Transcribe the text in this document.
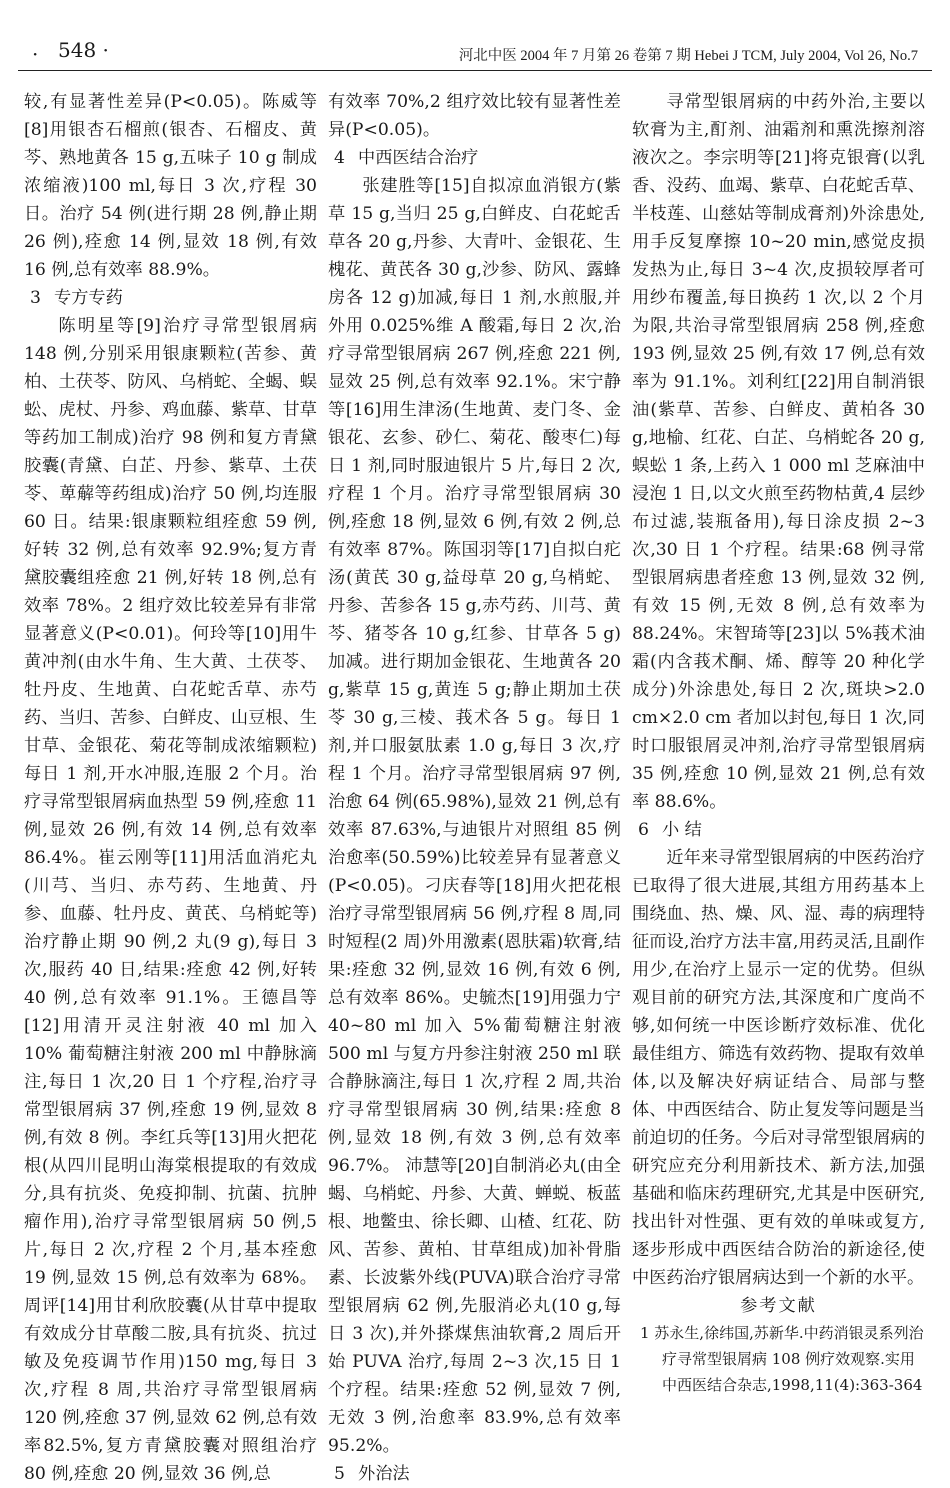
· 548 ·	河北中医 2004 年 7 月第 26 卷第 7 期 Hebei J TCM, July 2004, Vol 26, No.7

较,有显著性差异(P<0.05)。陈威等[8]用银杏石榴煎(银杏、石榴皮、黄芩、熟地黄各 15 g,五味子 10 g 制成浓缩液)100 ml,每日 3 次,疗程 30 日。治疗 54 例(进行期 28 例,静止期 26 例),痊愈 14 例,显效 18 例,有效 16 例,总有效率 88.9%。

3 专方专药

陈明星等[9]治疗寻常型银屑病 148 例,分别采用银康颗粒(苦参、黄柏、土茯苓、防风、乌梢蛇、全蝎、蜈蚣、虎杖、丹参、鸡血藤、紫草、甘草等药加工制成)治疗 98 例和复方青黛胶囊(青黛、白芷、丹参、紫草、土茯苓、萆薢等药组成)治疗 50 例,均连服 60 日。结果:银康颗粒组痊愈 59 例,好转 32 例,总有效率 92.9%;复方青黛胶囊组痊愈 21 例,好转 18 例,总有效率 78%。2 组疗效比较差异有非常显著意义(P<0.01)。何玲等[10]用牛黄冲剂(由水牛角、生大黄、土茯苓、牡丹皮、生地黄、白花蛇舌草、赤芍药、当归、苦参、白鲜皮、山豆根、生甘草、金银花、菊花等制成浓缩颗粒)每日 1 剂,开水冲服,连服 2 个月。治疗寻常型银屑病血热型 59 例,痊愈 11 例,显效 26 例,有效 14 例,总有效率 86.4%。崔云刚等[11]用活血消疕丸(川芎、当归、赤芍药、生地黄、丹参、血藤、牡丹皮、黄芪、乌梢蛇等)治疗静止期 90 例,2 丸(9 g),每日 3 次,服药 40 日,结果:痊愈 42 例,好转 40 例,总有效率 91.1%。王德昌等[12]用清开灵注射液 40 ml 加入 10% 葡萄糖注射液 200 ml 中静脉滴注,每日 1 次,20 日 1 个疗程,治疗寻常型银屑病 37 例,痊愈 19 例,显效 8 例,有效 8 例。李红兵等[13]用火把花根(从四川昆明山海棠根提取的有效成分,具有抗炎、免疫抑制、抗菌、抗肿瘤作用),治疗寻常型银屑病 50 例,5 片,每日 2 次,疗程 2 个月,基本痊愈 19 例,显效 15 例,总有效率为 68%。周评[14]用甘利欣胶囊(从甘草中提取有效成分甘草酸二胺,具有抗炎、抗过敏及免疫调节作用)150 mg,每日 3 次,疗程 8 周,共治疗寻常型银屑病 120 例,痊愈 37 例,显效 62 例,总有效率82.5%,复方青黛胶囊对照组治疗 80 例,痊愈 20 例,显效 36 例,总

有效率 70%,2 组疗效比较有显著性差异(P<0.05)。

4 中西医结合治疗

张建胜等[15]自拟凉血消银方(紫草 15 g,当归 25 g,白鲜皮、白花蛇舌草各 20 g,丹参、大青叶、金银花、生槐花、黄芪各 30 g,沙参、防风、露蜂房各 12 g)加减,每日 1 剂,水煎服,并外用 0.025%维 A 酸霜,每日 2 次,治疗寻常型银屑病 267 例,痊愈 221 例,显效 25 例,总有效率 92.1%。宋宁静等[16]用生津汤(生地黄、麦门冬、金银花、玄参、砂仁、菊花、酸枣仁)每日 1 剂,同时服迪银片 5 片,每日 2 次,疗程 1 个月。治疗寻常型银屑病 30 例,痊愈 18 例,显效 6 例,有效 2 例,总有效率 87%。陈国羽等[17]自拟白疕汤(黄芪 30 g,益母草 20 g,乌梢蛇、丹参、苦参各 15 g,赤芍药、川芎、黄芩、猪苓各 10 g,红参、甘草各 5 g)加减。进行期加金银花、生地黄各 20 g,紫草 15 g,黄连 5 g;静止期加土茯苓 30 g,三棱、莪术各 5 g。每日 1 剂,并口服氨肽素 1.0 g,每日 3 次,疗程 1 个月。治疗寻常型银屑病 97 例,治愈 64 例(65.98%),显效 21 例,总有效率 87.63%,与迪银片对照组 85 例治愈率(50.59%)比较差异有显著意义(P<0.05)。刁庆春等[18]用火把花根治疗寻常型银屑病 56 例,疗程 8 周,同时短程(2 周)外用激素(恩肤霜)软膏,结果:痊愈 32 例,显效 16 例,有效 6 例,总有效率 86%。史毓杰[19]用强力宁 40~80 ml 加入 5%葡萄糖注射液 500 ml 与复方丹参注射液 250 ml 联合静脉滴注,每日 1 次,疗程 2 周,共治疗寻常型银屑病 30 例,结果:痊愈 8 例,显效 18 例,有效 3 例,总有效率 96.7%。 沛慧等[20]自制消必丸(由全蝎、乌梢蛇、丹参、大黄、蝉蜕、板蓝根、地鳖虫、徐长卿、山楂、红花、防风、苦参、黄柏、甘草组成)加补骨脂素、长波紫外线(PUVA)联合治疗寻常型银屑病 62 例,先服消必丸(10 g,每日 3 次),并外搽煤焦油软膏,2 周后开始 PUVA 治疗,每周 2~3 次,15 日 1 个疗程。结果:痊愈 52 例,显效 7 例,无效 3 例,治愈率 83.9%,总有效率95.2%。

5 外治法

寻常型银屑病的中药外治,主要以软膏为主,酊剂、油霜剂和熏洗擦剂溶液次之。李宗明等[21]将克银膏(以乳香、没药、血竭、紫草、白花蛇舌草、半枝莲、山慈姑等制成膏剂)外涂患处,用手反复摩擦 10~20 min,感觉皮损发热为止,每日 3~4 次,皮损较厚者可用纱布覆盖,每日换药 1 次,以 2 个月为限,共治寻常型银屑病 258 例,痊愈 193 例,显效 25 例,有效 17 例,总有效率为 91.1%。刘利红[22]用自制消银油(紫草、苦参、白鲜皮、黄柏各 30 g,地榆、红花、白芷、乌梢蛇各 20 g,蜈蚣 1 条,上药入 1 000 ml 芝麻油中浸泡 1 日,以文火煎至药物枯黄,4 层纱布过滤,装瓶备用),每日涂皮损 2~3 次,30 日 1 个疗程。结果:68 例寻常型银屑病患者痊愈 13 例,显效 32 例,有效 15 例,无效 8 例,总有效率为 88.24%。宋智琦等[23]以 5%莪术油霜(内含莪术酮、烯、醇等 20 种化学成分)外涂患处,每日 2 次,斑块>2.0 cm×2.0 cm 者加以封包,每日 1 次,同时口服银屑灵冲剂,治疗寻常型银屑病 35 例,痊愈 10 例,显效 21 例,总有效率 88.6%。

6 小 结

近年来寻常型银屑病的中医药治疗已取得了很大进展,其组方用药基本上围绕血、热、燥、风、湿、毒的病理特征而设,治疗方法丰富,用药灵活,且副作用少,在治疗上显示一定的优势。但纵观目前的研究方法,其深度和广度尚不够,如何统一中医诊断疗效标准、优化最佳组方、筛选有效药物、提取有效单体,以及解决好病证结合、局部与整体、中西医结合、防止复发等问题是当前迫切的任务。今后对寻常型银屑病的研究应充分利用新技术、新方法,加强基础和临床药理研究,尤其是中医研究,找出针对性强、更有效的单味或复方,逐步形成中西医结合防治的新途径,使中医药治疗银屑病达到一个新的水平。

参考文献
1 苏永生,徐纬国,苏新华.中药消银灵系列治疗寻常型银屑病 108 例疗效观察.实用中西医结合杂志,1998,11(4):363-364
